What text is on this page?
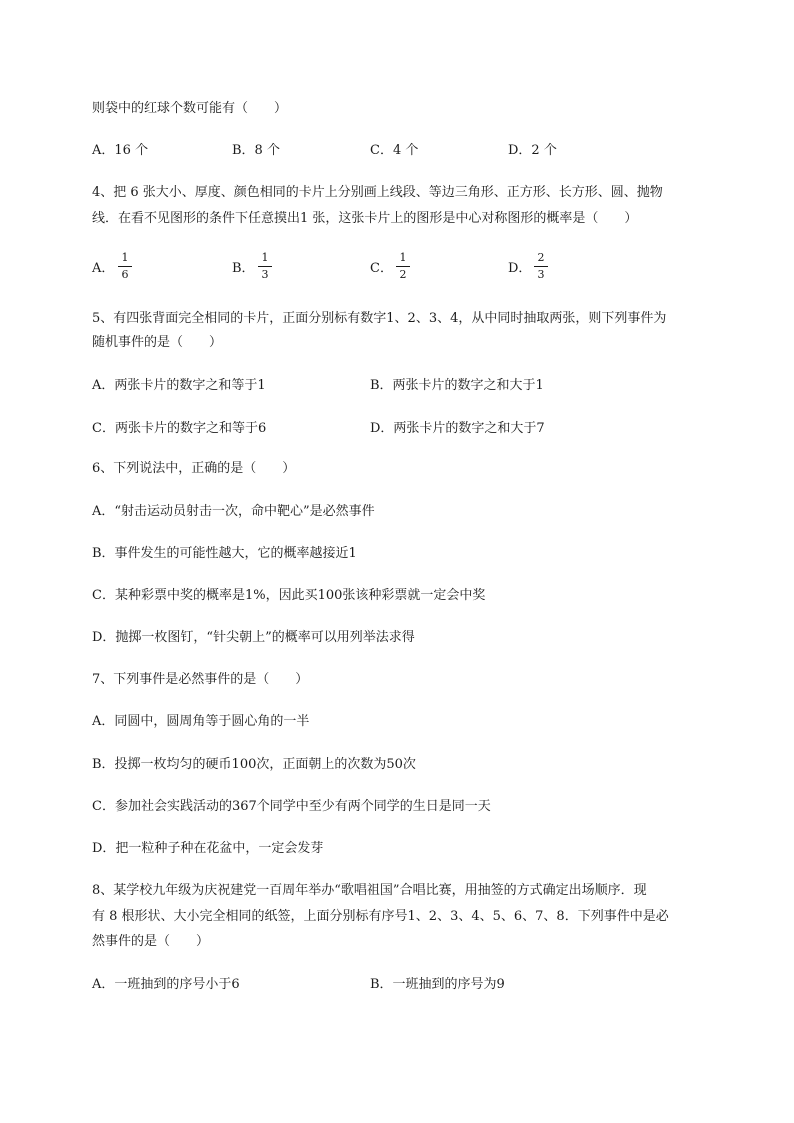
则袋中的红球个数可能有（　　）
A．16 个	B．8 个	C．4 个	D．2 个
4、把 6 张大小、厚度、颜色相同的卡片上分别画上线段、等边三角形、正方形、长方形、圆、抛物
线．在看不见图形的条件下任意摸出1 张，这张卡片上的图形是中心对称图形的概率是（　　）
A．
1
6	B．
1
3	C．
1
2	D．
2
3
5、有四张背面完全相同的卡片，正面分别标有数字1、2、3、4，从中同时抽取两张，则下列事件为
随机事件的是（　　）
A．两张卡片的数字之和等于1	B．两张卡片的数字之和大于1
C．两张卡片的数字之和等于6	D．两张卡片的数字之和大于7
6、下列说法中，正确的是（　　）
A．“射击运动员射击一次，命中靶心”是必然事件
B．事件发生的可能性越大，它的概率越接近1
C．某种彩票中奖的概率是1%，因此买100张该种彩票就一定会中奖
D．抛掷一枚图钉，“针尖朝上”的概率可以用列举法求得
7、下列事件是必然事件的是（　　）
A．同圆中，圆周角等于圆心角的一半
B．投掷一枚均匀的硬币100次，正面朝上的次数为50次
C．参加社会实践活动的367个同学中至少有两个同学的生日是同一天
D．把一粒种子种在花盆中，一定会发芽
8、某学校九年级为庆祝建党一百周年举办“歌唱祖国”合唱比赛，用抽签的方式确定出场顺序．现
有 8 根形状、大小完全相同的纸签，上面分别标有序号1、2、3、4、5、6、7、8．下列事件中是必
然事件的是（　　）
A．一班抽到的序号小于6	B．一班抽到的序号为9
